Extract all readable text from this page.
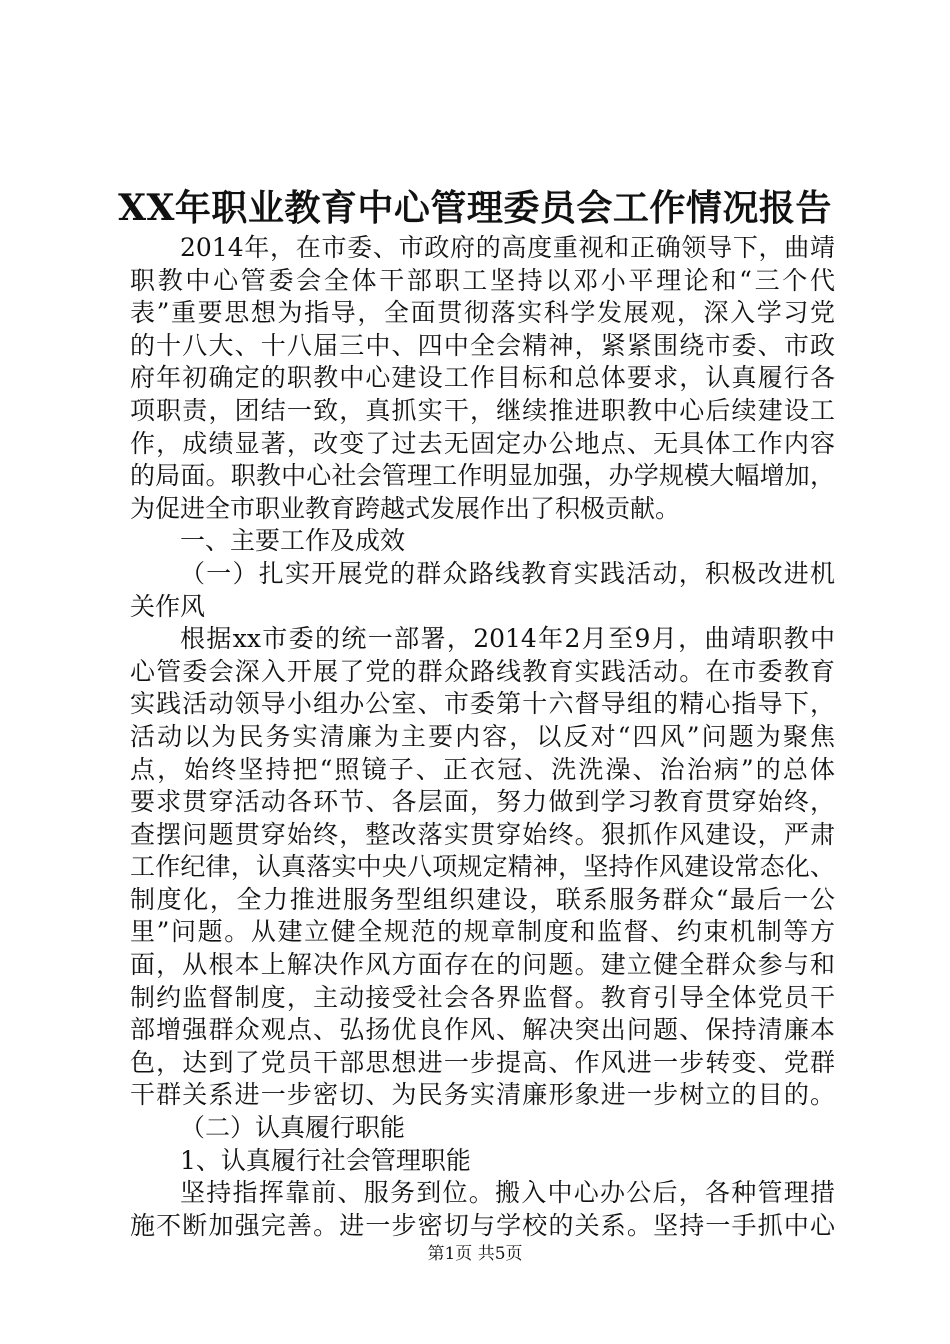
XX年职业教育中心管理委员会工作情况报告
2014年，在市委、市政府的高度重视和正确领导下，曲靖
职教中心管委会全体干部职工坚持以邓小平理论和“三个代
表”重要思想为指导，全面贯彻落实科学发展观，深入学习党
的十八大、十八届三中、四中全会精神，紧紧围绕市委、市政
府年初确定的职教中心建设工作目标和总体要求，认真履行各
项职责，团结一致，真抓实干，继续推进职教中心后续建设工
作，成绩显著，改变了过去无固定办公地点、无具体工作内容
的局面。职教中心社会管理工作明显加强，办学规模大幅增加，
为促进全市职业教育跨越式发展作出了积极贡献。
一、主要工作及成效
（一）扎实开展党的群众路线教育实践活动，积极改进机
关作风
根据xx市委的统一部署，2014年2月至9月，曲靖职教中
心管委会深入开展了党的群众路线教育实践活动。在市委教育
实践活动领导小组办公室、市委第十六督导组的精心指导下，
活动以为民务实清廉为主要内容，以反对“四风”问题为聚焦
点，始终坚持把“照镜子、正衣冠、洗洗澡、治治病”的总体
要求贯穿活动各环节、各层面，努力做到学习教育贯穿始终，
查摆问题贯穿始终，整改落实贯穿始终。狠抓作风建设，严肃
工作纪律，认真落实中央八项规定精神，坚持作风建设常态化、
制度化，全力推进服务型组织建设，联系服务群众“最后一公
里”问题。从建立健全规范的规章制度和监督、约束机制等方
面，从根本上解决作风方面存在的问题。建立健全群众参与和
制约监督制度，主动接受社会各界监督。教育引导全体党员干
部增强群众观点、弘扬优良作风、解决突出问题、保持清廉本
色，达到了党员干部思想进一步提高、作风进一步转变、党群
干群关系进一步密切、为民务实清廉形象进一步树立的目的。
（二）认真履行职能
1、认真履行社会管理职能
坚持指挥靠前、服务到位。搬入中心办公后，各种管理措
施不断加强完善。进一步密切与学校的关系。坚持一手抓中心
第1页 共5页
